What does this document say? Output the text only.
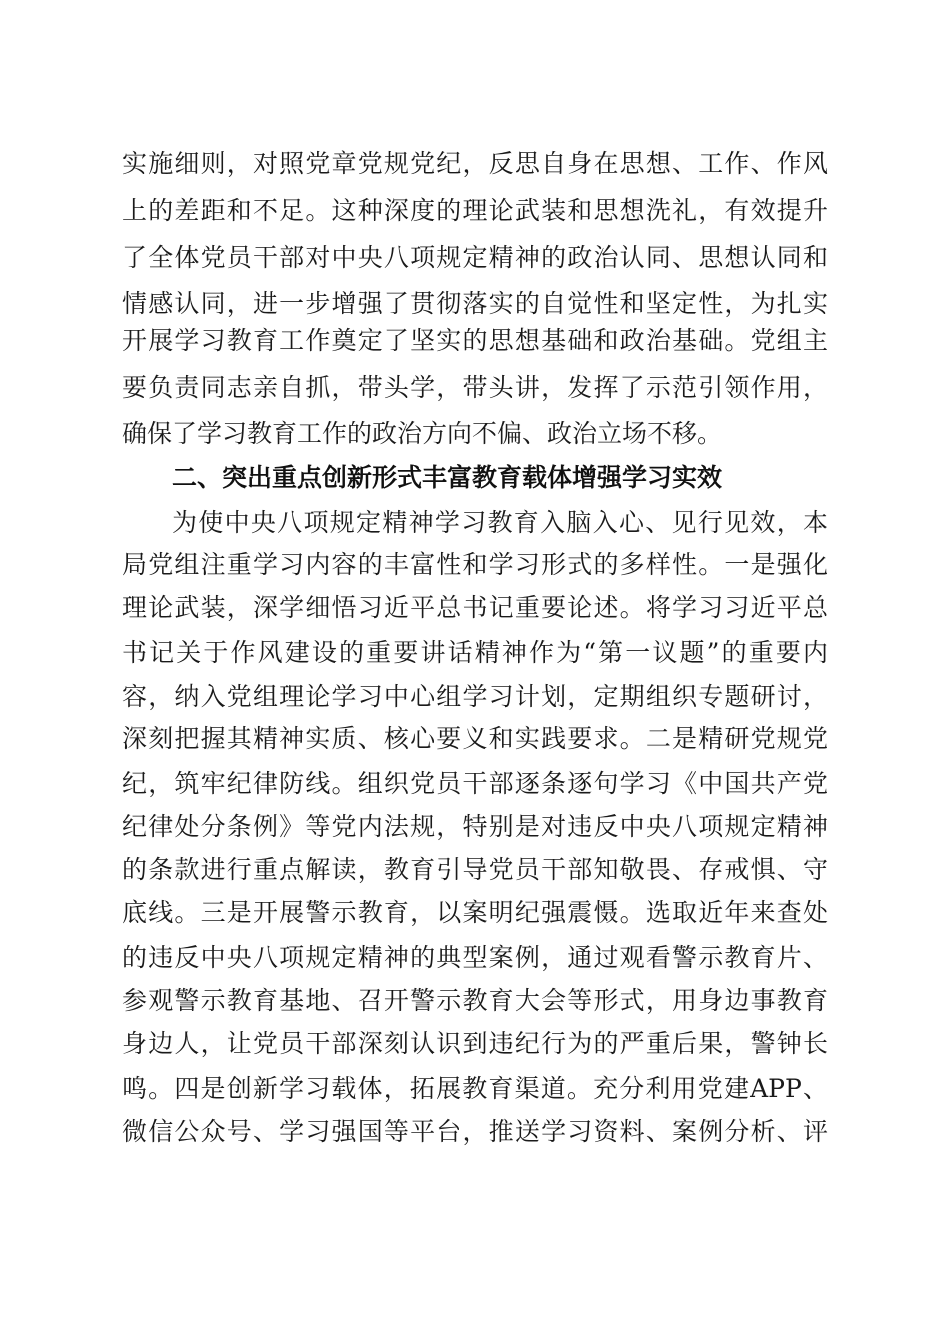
实施细则，对照党章党规党纪，反思自身在思想、工作、作风
上的差距和不足。这种深度的理论武装和思想洗礼，有效提升
了全体党员干部对中央八项规定精神的政治认同、思想认同和
情感认同，进一步增强了贯彻落实的自觉性和坚定性，为扎实
开展学习教育工作奠定了坚实的思想基础和政治基础。党组主
要负责同志亲自抓，带头学，带头讲，发挥了示范引领作用，
确保了学习教育工作的政治方向不偏、政治立场不移。
二、突出重点创新形式丰富教育载体增强学习实效
为使中央八项规定精神学习教育入脑入心、见行见效，本
局党组注重学习内容的丰富性和学习形式的多样性。一是强化
理论武装，深学细悟习近平总书记重要论述。将学习习近平总
书记关于作风建设的重要讲话精神作为“第一议题”的重要内
容，纳入党组理论学习中心组学习计划，定期组织专题研讨，
深刻把握其精神实质、核心要义和实践要求。二是精研党规党
纪，筑牢纪律防线。组织党员干部逐条逐句学习《中国共产党
纪律处分条例》等党内法规，特别是对违反中央八项规定精神
的条款进行重点解读，教育引导党员干部知敬畏、存戒惧、守
底线。三是开展警示教育，以案明纪强震慑。选取近年来查处
的违反中央八项规定精神的典型案例，通过观看警示教育片、
参观警示教育基地、召开警示教育大会等形式，用身边事教育
身边人，让党员干部深刻认识到违纪行为的严重后果，警钟长
鸣。四是创新学习载体，拓展教育渠道。充分利用党建APP、
微信公众号、学习强国等平台，推送学习资料、案例分析、评
